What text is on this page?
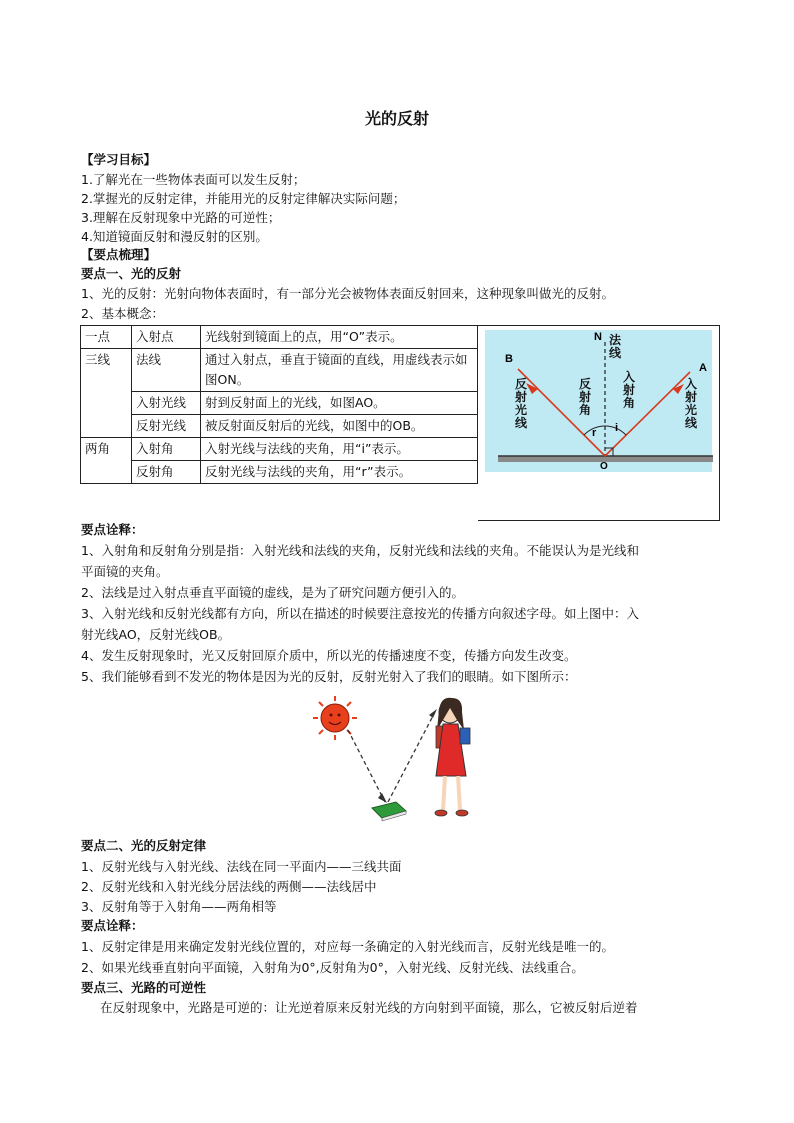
光的反射
【学习目标】
1.了解光在一些物体表面可以发生反射；
2.掌握光的反射定律，并能用光的反射定律解决实际问题；
3.理解在反射现象中光路的可逆性；
4.知道镜面反射和漫反射的区别。
【要点梳理】
要点一、光的反射
1、光的反射：光射向物体表面时，有一部分光会被物体表面反射回来，这种现象叫做光的反射。
2、基本概念：
一点	入射点	光线射到镜面上的点，用“O”表示。
三线	法线	通过入射点，垂直于镜面的直线，用虚线表示如图ON。
	入射光线	射到反射面上的光线，如图AO。
	反射光线	被反射面反射后的光线，如图中的OB。
两角	入射角	入射光线与法线的夹角，用“i”表示。
	反射角	反射光线与法线的夹角，用“r”表示。
N
A
B
O
i
r
法线
入射角
反射角
入射光线
反射光线
要点诠释：
1、入射角和反射角分别是指：入射光线和法线的夹角，反射光线和法线的夹角。不能误认为是光线和
平面镜的夹角。
2、法线是过入射点垂直平面镜的虚线，是为了研究问题方便引入的。
3、入射光线和反射光线都有方向，所以在描述的时候要注意按光的传播方向叙述字母。如上图中：入
射光线AO，反射光线OB。
4、发生反射现象时，光又反射回原介质中，所以光的传播速度不变，传播方向发生改变。
5、我们能够看到不发光的物体是因为光的反射，反射光射入了我们的眼睛。如下图所示：
要点二、光的反射定律
1、反射光线与入射光线、法线在同一平面内——三线共面
2、反射光线和入射光线分居法线的两侧——法线居中
3、反射角等于入射角——两角相等
要点诠释：
1、反射定律是用来确定发射光线位置的，对应每一条确定的入射光线而言，反射光线是唯一的。
2、如果光线垂直射向平面镜，入射角为0°,反射角为0°，入射光线、反射光线、法线重合。
要点三、光路的可逆性
在反射现象中，光路是可逆的：让光逆着原来反射光线的方向射到平面镜，那么，它被反射后逆着
